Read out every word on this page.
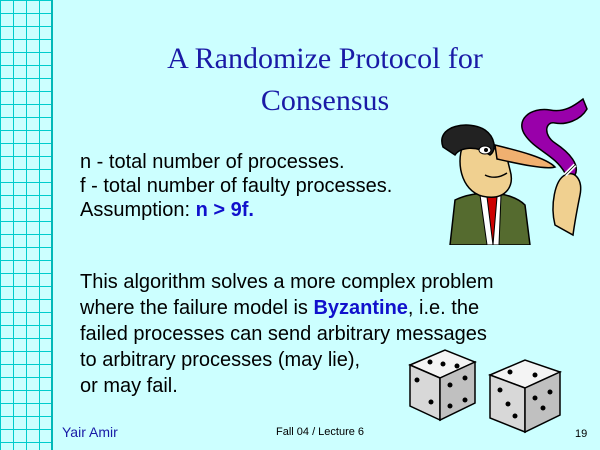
A Randomize Protocol for
Consensus
n - total number of processes.
f - total number of faulty processes.
Assumption: n > 9f.
This algorithm solves a more complex problem
where the failure model is Byzantine, i.e. the
failed processes can send arbitrary messages
to arbitrary processes (may lie),
or may fail.
Yair Amir	Fall 04 / Lecture 6	19
